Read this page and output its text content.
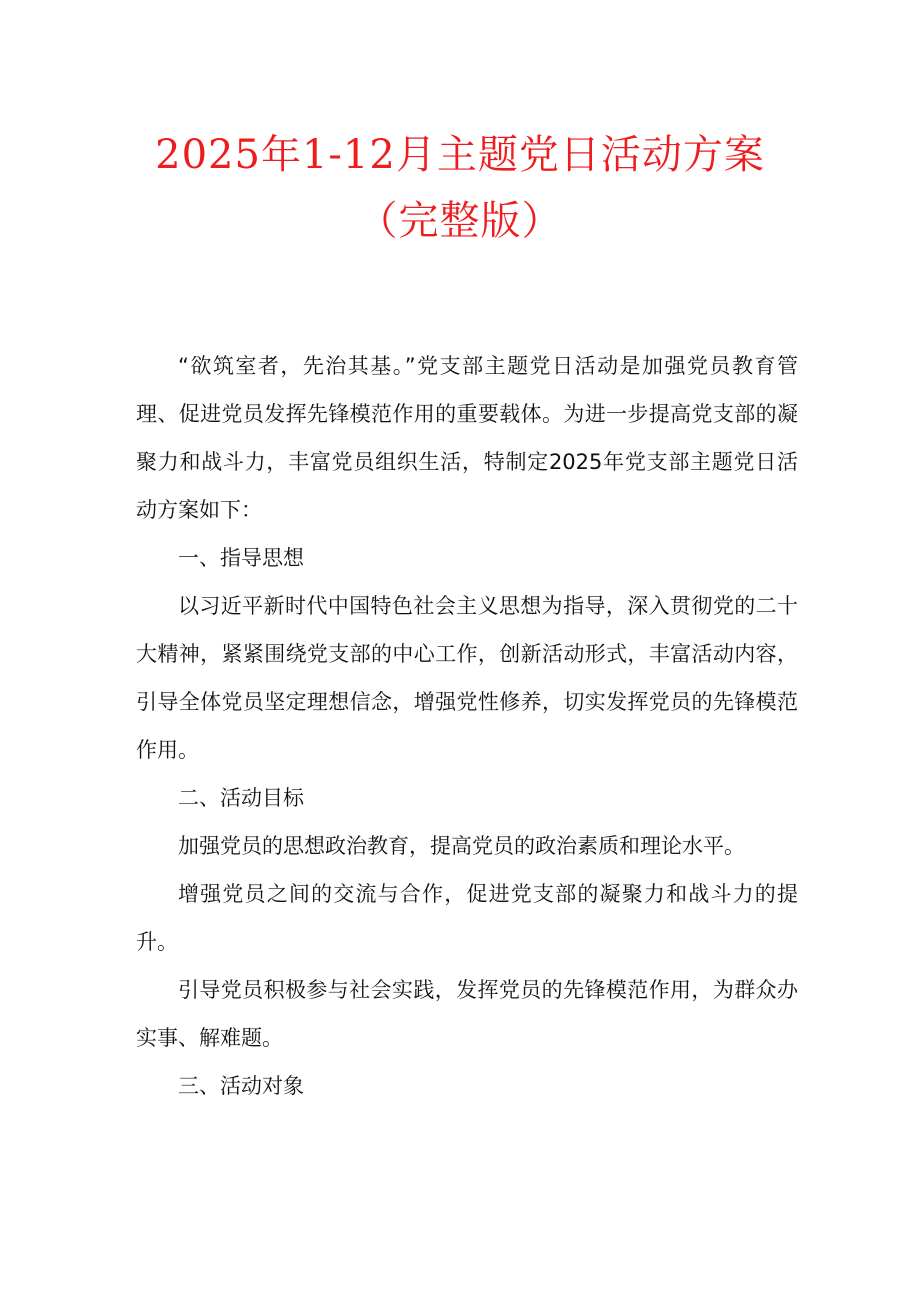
2025年1-12月主题党日活动方案
（完整版）

“欲筑室者，先治其基。”党支部主题党日活动是加强党员教育管理、促进党员发挥先锋模范作用的重要载体。为进一步提高党支部的凝聚力和战斗力，丰富党员组织生活，特制定2025年党支部主题党日活动方案如下：

一、指导思想

以习近平新时代中国特色社会主义思想为指导，深入贯彻党的二十大精神，紧紧围绕党支部的中心工作，创新活动形式，丰富活动内容，引导全体党员坚定理想信念，增强党性修养，切实发挥党员的先锋模范作用。

二、活动目标

加强党员的思想政治教育，提高党员的政治素质和理论水平。

增强党员之间的交流与合作，促进党支部的凝聚力和战斗力的提升。

引导党员积极参与社会实践，发挥党员的先锋模范作用，为群众办实事、解难题。

三、活动对象
